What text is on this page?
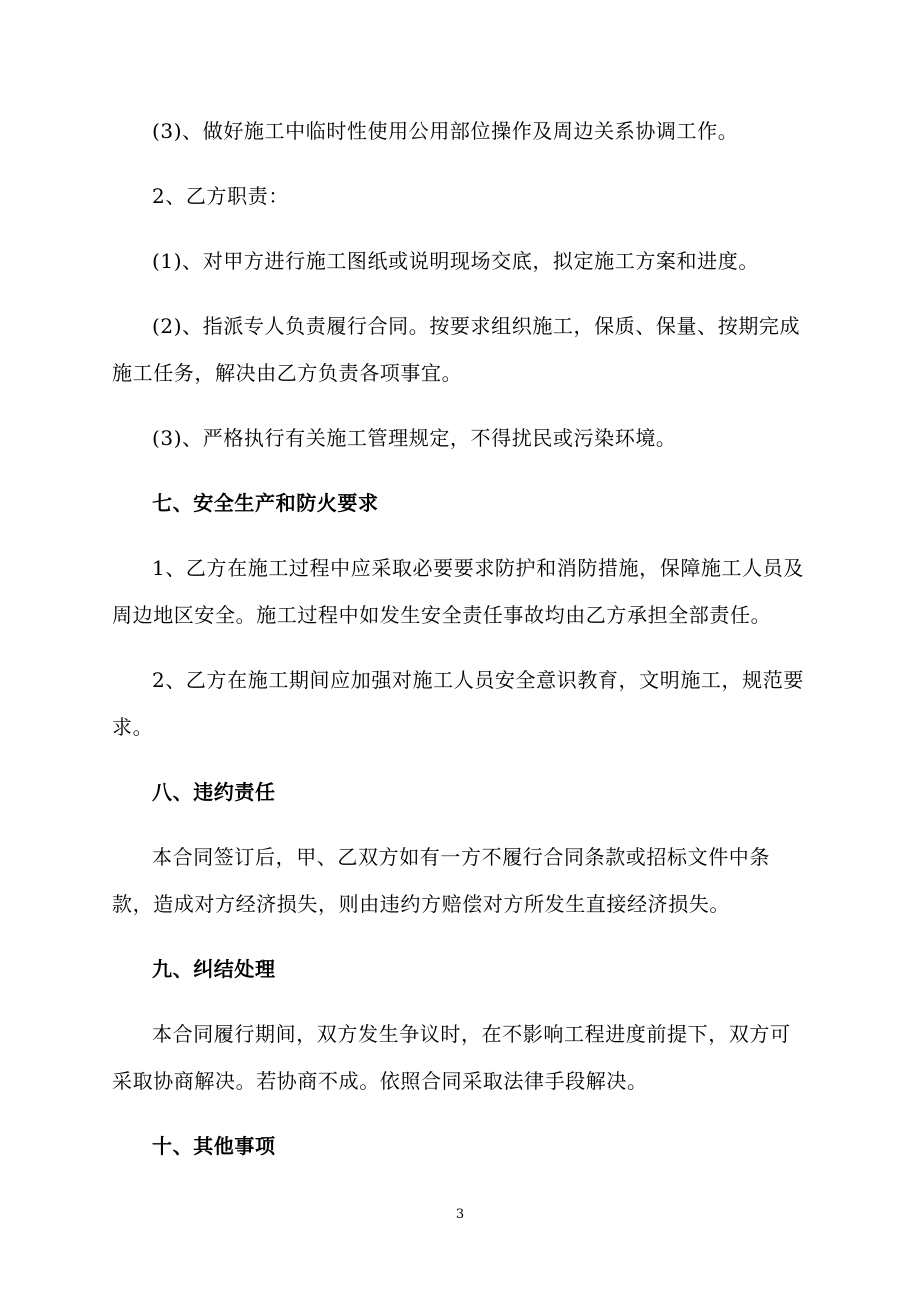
(3)、做好施工中临时性使用公用部位操作及周边关系协调工作。

2、乙方职责：

(1)、对甲方进行施工图纸或说明现场交底，拟定施工方案和进度。

(2)、指派专人负责履行合同。按要求组织施工，保质、保量、按期完成施工任务，解决由乙方负责各项事宜。

(3)、严格执行有关施工管理规定，不得扰民或污染环境。

七、安全生产和防火要求

1、乙方在施工过程中应采取必要要求防护和消防措施，保障施工人员及周边地区安全。施工过程中如发生安全责任事故均由乙方承担全部责任。

2、乙方在施工期间应加强对施工人员安全意识教育，文明施工，规范要求。

八、违约责任

本合同签订后，甲、乙双方如有一方不履行合同条款或招标文件中条款，造成对方经济损失，则由违约方赔偿对方所发生直接经济损失。

九、纠结处理

本合同履行期间，双方发生争议时，在不影响工程进度前提下，双方可采取协商解决。若协商不成。依照合同采取法律手段解决。

十、其他事项

3
